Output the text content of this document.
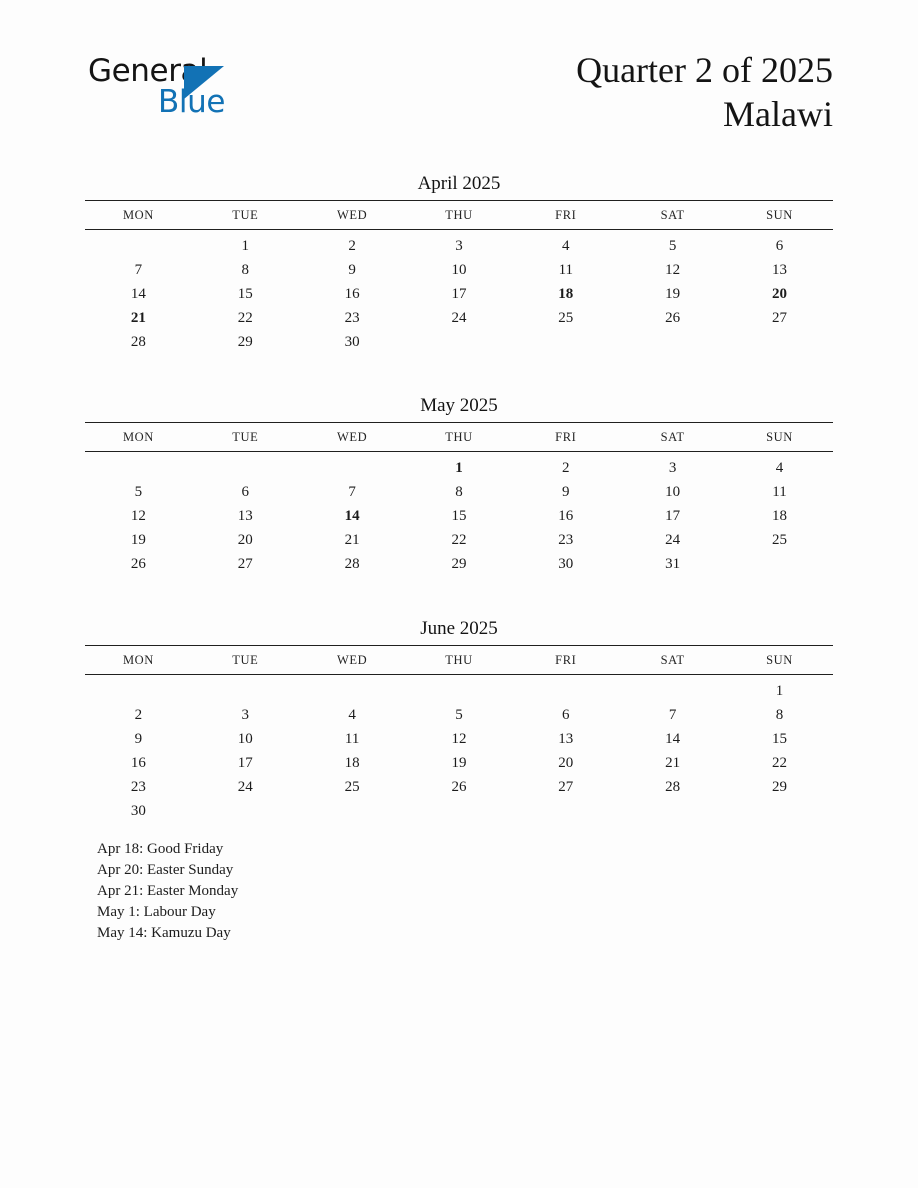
General
Blue
Quarter 2 of 2025
Malawi
April 2025
MON	TUE	WED	THU	FRI	SAT	SUN
	1	2	3	4	5	6
7	8	9	10	11	12	13
14	15	16	17	18	19	20
21	22	23	24	25	26	27
28	29	30				
May 2025
MON	TUE	WED	THU	FRI	SAT	SUN
			1	2	3	4
5	6	7	8	9	10	11
12	13	14	15	16	17	18
19	20	21	22	23	24	25
26	27	28	29	30	31	
June 2025
MON	TUE	WED	THU	FRI	SAT	SUN
						1
2	3	4	5	6	7	8
9	10	11	12	13	14	15
16	17	18	19	20	21	22
23	24	25	26	27	28	29
30						
Apr 18: Good Friday
Apr 20: Easter Sunday
Apr 21: Easter Monday
May 1: Labour Day
May 14: Kamuzu Day
